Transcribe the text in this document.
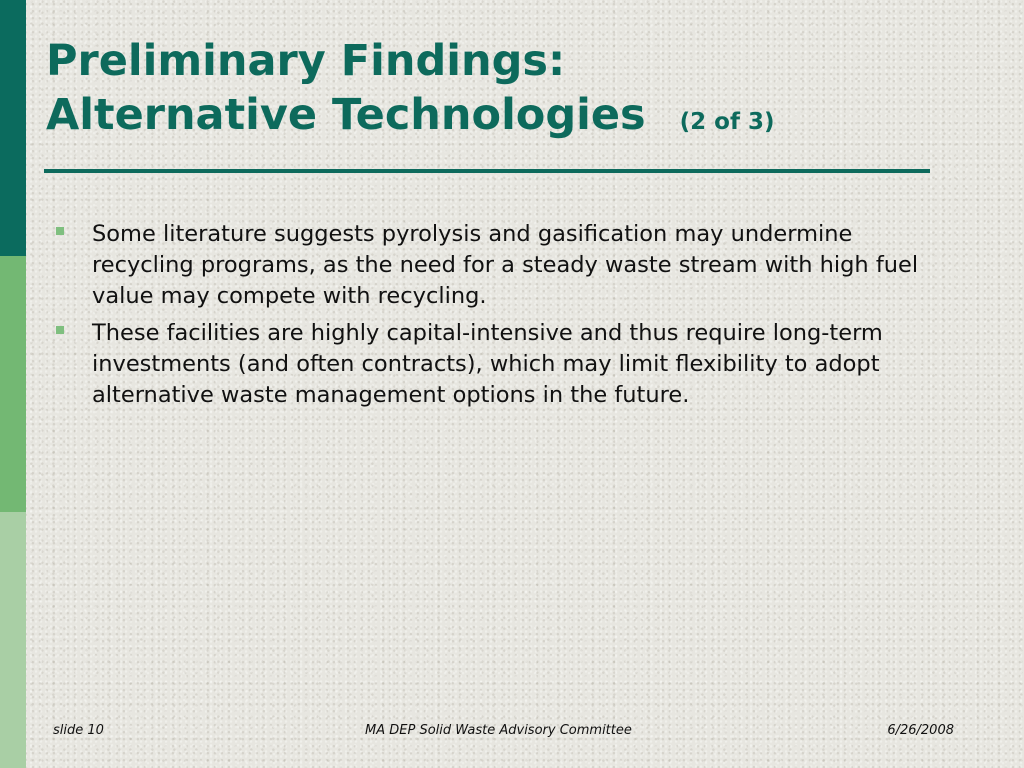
Preliminary Findings:
Alternative Technologies (2 of 3)
Some literature suggests pyrolysis and gasification may undermine recycling programs, as the need for a steady waste stream with high fuel value may compete with recycling.
These facilities are highly capital-intensive and thus require long-term investments (and often contracts), which may limit flexibility to adopt alternative waste management options in the future.
slide 10	MA DEP Solid Waste Advisory Committee	6/26/2008
